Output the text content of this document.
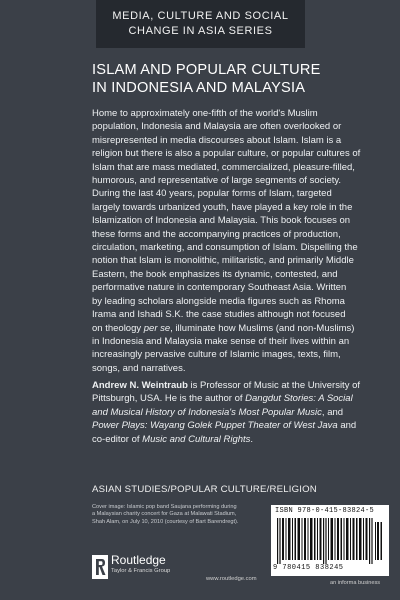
MEDIA, CULTURE AND SOCIAL
CHANGE IN ASIA SERIES
ISLAM AND POPULAR CULTURE
IN INDONESIA AND MALAYSIA
Home to approximately one-fifth of the world's Muslim
population, Indonesia and Malaysia are often overlooked or
misrepresented in media discourses about Islam. Islam is a
religion but there is also a popular culture, or popular cultures of
Islam that are mass mediated, commercialized, pleasure-filled,
humorous, and representative of large segments of society.
During the last 40 years, popular forms of Islam, targeted
largely towards urbanized youth, have played a key role in the
Islamization of Indonesia and Malaysia. This book focuses on
these forms and the accompanying practices of production,
circulation, marketing, and consumption of Islam. Dispelling the
notion that Islam is monolithic, militaristic, and primarily Middle
Eastern, the book emphasizes its dynamic, contested, and
performative nature in contemporary Southeast Asia. Written
by leading scholars alongside media figures such as Rhoma
Irama and Ishadi S.K. the case studies although not focused
on theology per se, illuminate how Muslims (and non-Muslims)
in Indonesia and Malaysia make sense of their lives within an
increasingly pervasive culture of Islamic images, texts, film,
songs, and narratives.
Andrew N. Weintraub is Professor of Music at the University of
Pittsburgh, USA. He is the author of Dangdut Stories: A Social
and Musical History of Indonesia's Most Popular Music, and
Power Plays: Wayang Golek Puppet Theater of West Java and
co-editor of Music and Cultural Rights.
ASIAN STUDIES/POPULAR CULTURE/RELIGION
Cover image: Islamic pop band Saujana performing during
a Malaysian charity concert for Gaza at Malawati Stadium,
Shah Alam, on July 10, 2010 (courtesy of Bart Barendregt).
ISBN 978-0-415-83824-5
9 780415 838245
Routledge
Taylor & Francis Group
www.routledge.com
an informa business
